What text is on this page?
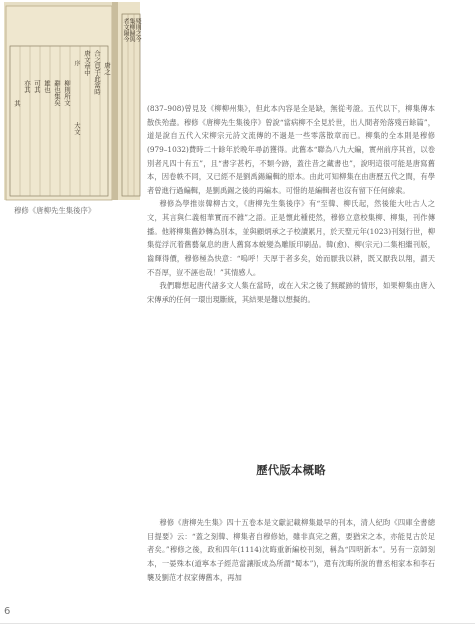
序 合之見于此當時
唐文章中
柳則所文
辭也集矣
雄也
可其
亦其
其
大文
唐之
殘則之今
集柳歸與
者文陽今
穆修《唐柳先生集後序》

(837–908)曾見及《柳柳州集》，但此本內容是全是缺，無從考證。五代以下，柳集傳本散佚殆盡。穆修《唐柳先生集後序》曾說“當病柳不全見於世，出人間者殆落殘百餘篇”，道是說自五代入宋柳宗元詩文流傳的不過是一些零落散章而已。柳集的全本則是穆修(979–1032)費時二十餘年於晚年尋訪獲得。此舊本“聯為八九大編，實州前序其首，以卷別者凡四十有五”，且“書字甚朽，不類今跡，蓋往昔之藏書也”，說明這很可能是唐寫舊本，因卷帙不同，又已經不是劉禹錫編輯的原本。由此可知柳集在由唐歷五代之間，有學者曾進行過編輯，是劉禹錫之後的再編本。可惜的是編輯者也沒有留下任何線索。

穆修為學推崇韓柳古文，《唐柳先生集後序》有“至韓、柳氏起，然後能大吐古人之文，其言與仁義相華實而不雜”之語。正是懷此種使然，穆修立意校集柳、柳集，刊作傳播。他將柳集舊鈔轉為別本，並與顧炳承之子校讀累月，於天聖元年(1023)刊刻行世，柳集從浮沉着舊藝氣息的唐人舊寫本蛻變為雕版印刷品。韓(愈)、柳(宗元)二集相繼刊版，齒輝得價，穆修極為快意：“嗚呼！天厚于者多矣，始而厭我以耕，既又厭我以翔，謂天不吾厚，豈不誣也哉！”其情感人。

我們聯想起唐代諸多文人集在當時，或在入宋之後了無蹤跡的情形，如果柳集由唐入宋傳承的任何一環出現斷統，其結果是難以想擬的。

歷代版本概略

穆修《唐柳先生集》四十五卷本是文獻記載柳集最早的刊本，清人紀昀《四庫全書總目提要》云：“蓋之刻韓、柳集者自穆修始，雖非真完之舊，要猶宋之本，亦能見古於足者矣。”穆修之後，政和四年(1114)沈晦重新編校刊刻，稱為“四明新本”。另有一京師刻本，一晏殊本(道寧本子經范當讓版成為所謂“蜀本”)，還有沈晦所說的曹丞相家本和李石襲及劉范才叔家傳舊本，再加

6
